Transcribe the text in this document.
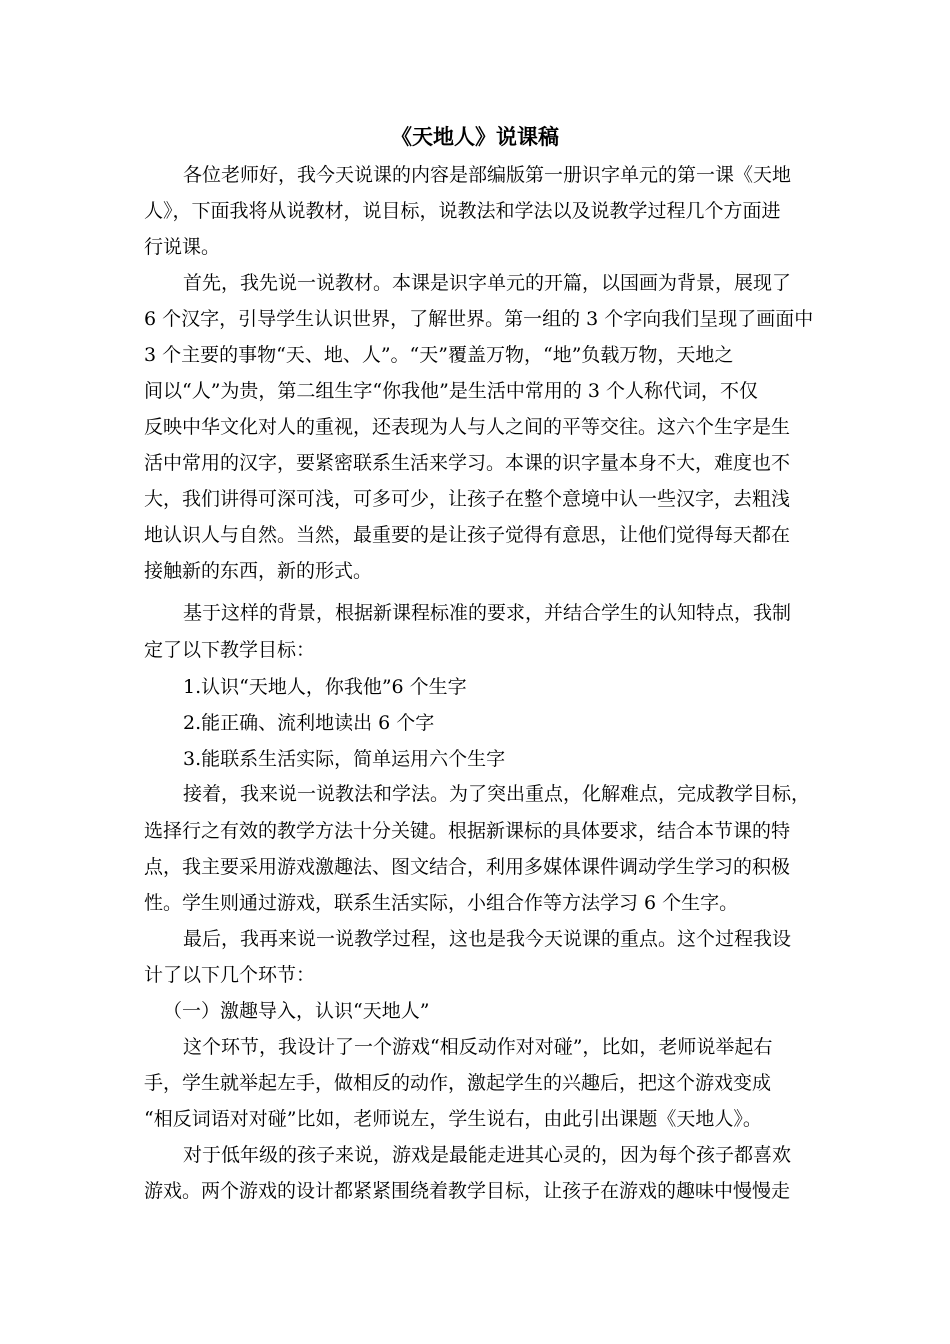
《天地人》说课稿
各位老师好，我今天说课的内容是部编版第一册识字单元的第一课《天地
人》，下面我将从说教材，说目标，说教法和学法以及说教学过程几个方面进
行说课。
首先，我先说一说教材。本课是识字单元的开篇，以国画为背景，展现了
6 个汉字，引导学生认识世界，了解世界。第一组的 3 个字向我们呈现了画面中
3 个主要的事物“天、地、人”。“天”覆盖万物，“地”负载万物，天地之
间以“人”为贵，第二组生字“你我他”是生活中常用的 3 个人称代词，不仅
反映中华文化对人的重视，还表现为人与人之间的平等交往。这六个生字是生
活中常用的汉字，要紧密联系生活来学习。本课的识字量本身不大，难度也不
大，我们讲得可深可浅，可多可少，让孩子在整个意境中认一些汉字，去粗浅
地认识人与自然。当然，最重要的是让孩子觉得有意思，让他们觉得每天都在
接触新的东西，新的形式。
基于这样的背景，根据新课程标准的要求，并结合学生的认知特点，我制
定了以下教学目标：
1.认识“天地人，你我他”6 个生字
2.能正确、流利地读出 6 个字
3.能联系生活实际，简单运用六个生字
接着，我来说一说教法和学法。为了突出重点，化解难点，完成教学目标，
选择行之有效的教学方法十分关键。根据新课标的具体要求，结合本节课的特
点，我主要采用游戏激趣法、图文结合，利用多媒体课件调动学生学习的积极
性。学生则通过游戏，联系生活实际，小组合作等方法学习 6 个生字。
最后，我再来说一说教学过程，这也是我今天说课的重点。这个过程我设
计了以下几个环节：
（一）激趣导入，认识“天地人”
这个环节，我设计了一个游戏“相反动作对对碰”，比如，老师说举起右
手，学生就举起左手，做相反的动作，激起学生的兴趣后，把这个游戏变成
“相反词语对对碰”比如，老师说左，学生说右，由此引出课题《天地人》。
对于低年级的孩子来说，游戏是最能走进其心灵的，因为每个孩子都喜欢
游戏。两个游戏的设计都紧紧围绕着教学目标，让孩子在游戏的趣味中慢慢走
